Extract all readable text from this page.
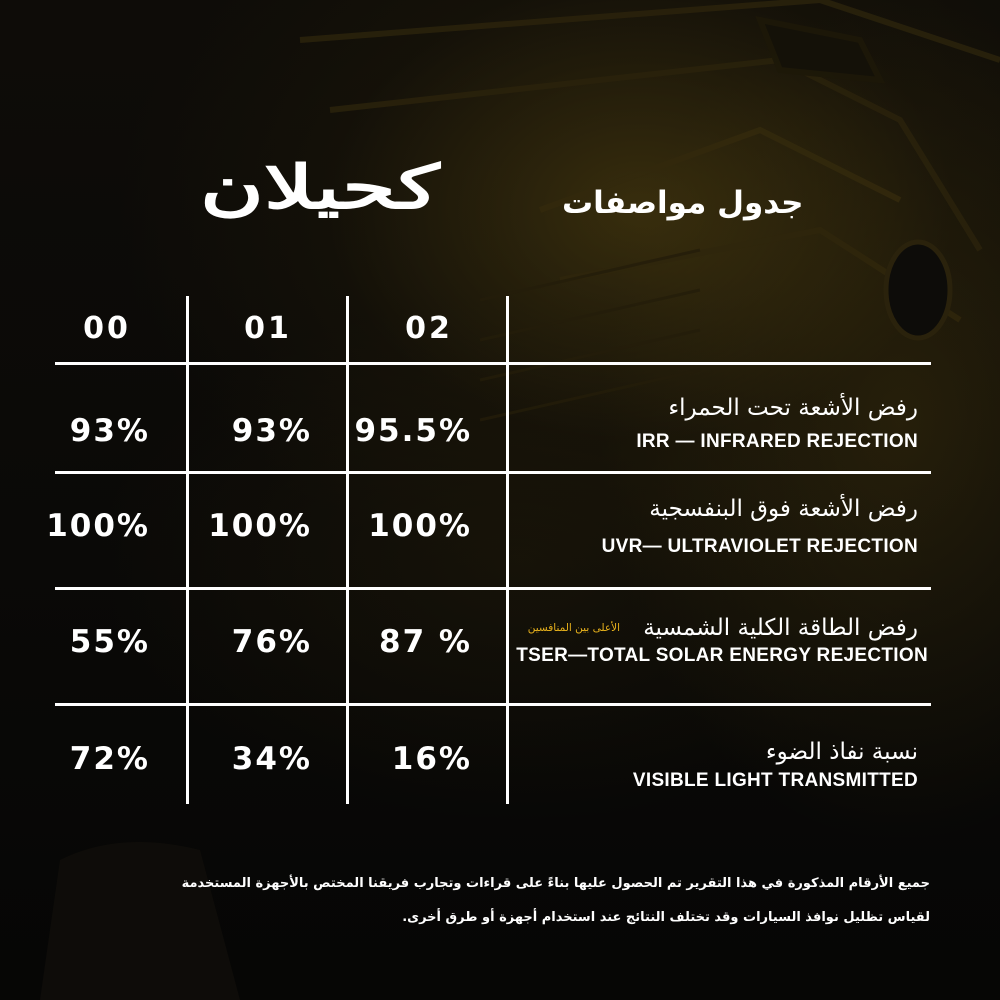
كحيلان	جدول مواصفات
00	01	02
رفض الأشعة تحت الحمراء
IRR — INFRARED REJECTION
93%	93%	95.5%
رفض الأشعة فوق البنفسجية
UVR— ULTRAVIOLET REJECTION
100%	100%	100%
رفض الطاقة الكلية الشمسية
الأعلى بين المنافسين
TSER—TOTAL SOLAR ENERGY REJECTION
55%	76%	87 %
نسبة نفاذ الضوء
VISIBLE LIGHT TRANSMITTED
72%	34%	16%
جميع الأرقام المذكورة في هذا التقرير تم الحصول عليها بناءً على قراءات وتجارب فريقنا المختص بالأجهزة المستخدمة
لقياس تظليل نوافذ السيارات وقد تختلف النتائج عند استخدام أجهزة أو طرق أخرى.
